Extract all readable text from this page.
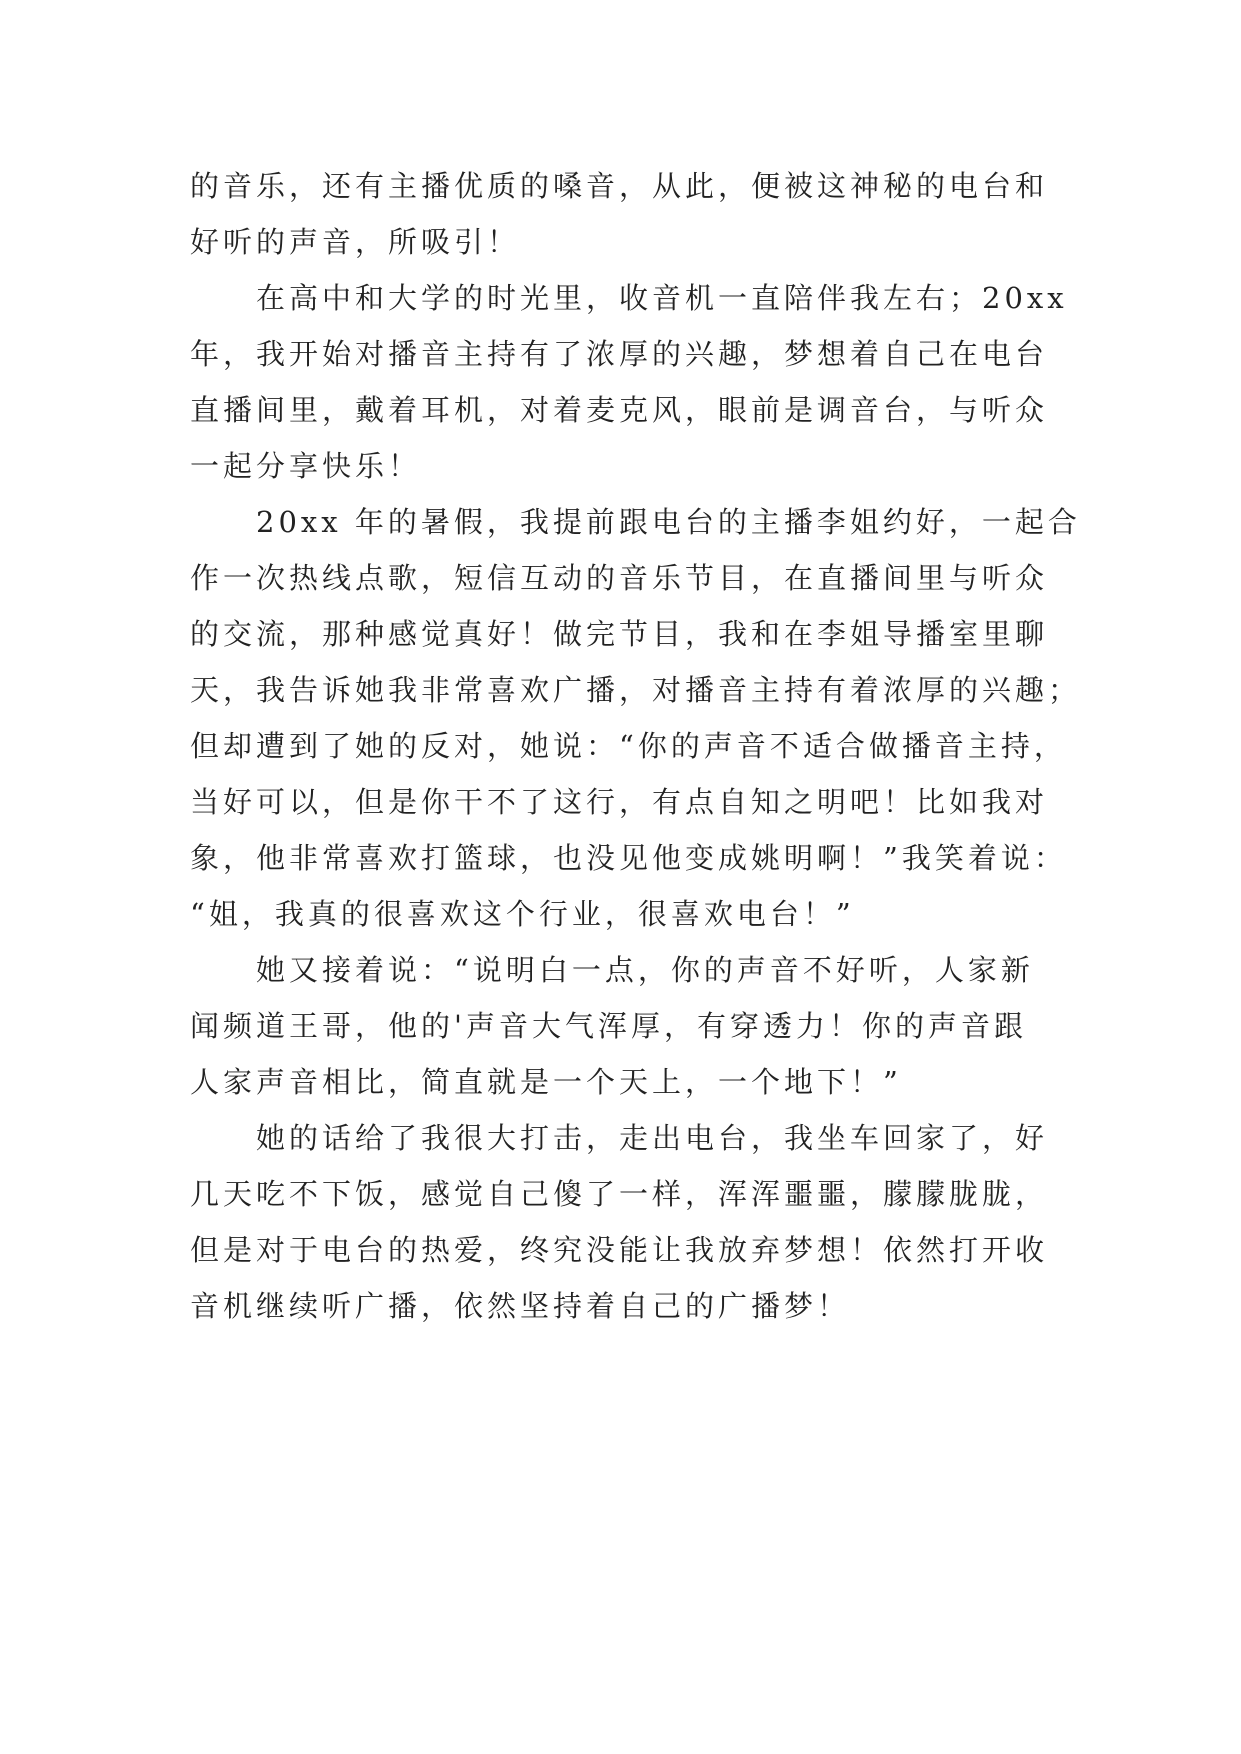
的音乐，还有主播优质的嗓音，从此，便被这神秘的电台和
好听的声音，所吸引！
　　在高中和大学的时光里，收音机一直陪伴我左右；20xx
年，我开始对播音主持有了浓厚的兴趣，梦想着自己在电台
直播间里，戴着耳机，对着麦克风，眼前是调音台，与听众
一起分享快乐！
　　20xx 年的暑假，我提前跟电台的主播李姐约好，一起合
作一次热线点歌，短信互动的音乐节目，在直播间里与听众
的交流，那种感觉真好！做完节目，我和在李姐导播室里聊
天，我告诉她我非常喜欢广播，对播音主持有着浓厚的兴趣；
但却遭到了她的反对，她说：“你的声音不适合做播音主持，
当好可以，但是你干不了这行，有点自知之明吧！比如我对
象，他非常喜欢打篮球，也没见他变成姚明啊！”我笑着说：
“姐，我真的很喜欢这个行业，很喜欢电台！”
　　她又接着说：“说明白一点，你的声音不好听，人家新
闻频道王哥，他的'声音大气浑厚，有穿透力！你的声音跟
人家声音相比，简直就是一个天上，一个地下！”
　　她的话给了我很大打击，走出电台，我坐车回家了，好
几天吃不下饭，感觉自己傻了一样，浑浑噩噩，朦朦胧胧，
但是对于电台的热爱，终究没能让我放弃梦想！依然打开收
音机继续听广播，依然坚持着自己的广播梦！
